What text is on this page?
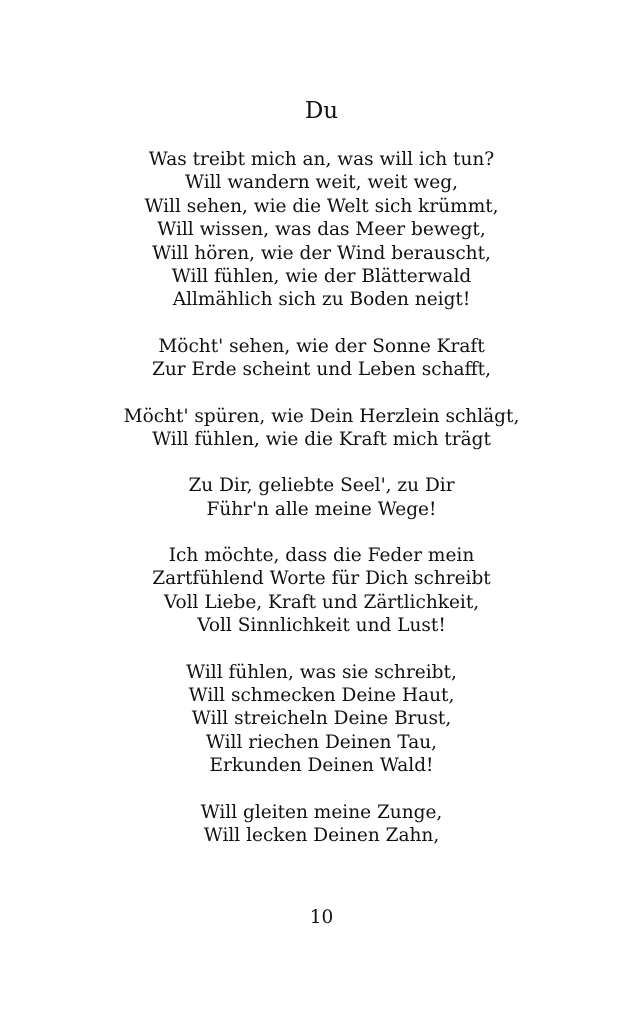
Du
Was treibt mich an, was will ich tun?
Will wandern weit, weit weg,
Will sehen, wie die Welt sich krümmt,
Will wissen, was das Meer bewegt,
Will hören, wie der Wind berauscht,
Will fühlen, wie der Blätterwald
Allmählich sich zu Boden neigt!
Möcht' sehen, wie der Sonne Kraft
Zur Erde scheint und Leben schafft,
Möcht' spüren, wie Dein Herzlein schlägt,
Will fühlen, wie die Kraft mich trägt
Zu Dir, geliebte Seel', zu Dir
Führ'n alle meine Wege!
Ich möchte, dass die Feder mein
Zartfühlend Worte für Dich schreibt
Voll Liebe, Kraft und Zärtlichkeit,
Voll Sinnlichkeit und Lust!
Will fühlen, was sie schreibt,
Will schmecken Deine Haut,
Will streicheln Deine Brust,
Will riechen Deinen Tau,
Erkunden Deinen Wald!
Will gleiten meine Zunge,
Will lecken Deinen Zahn,
10
